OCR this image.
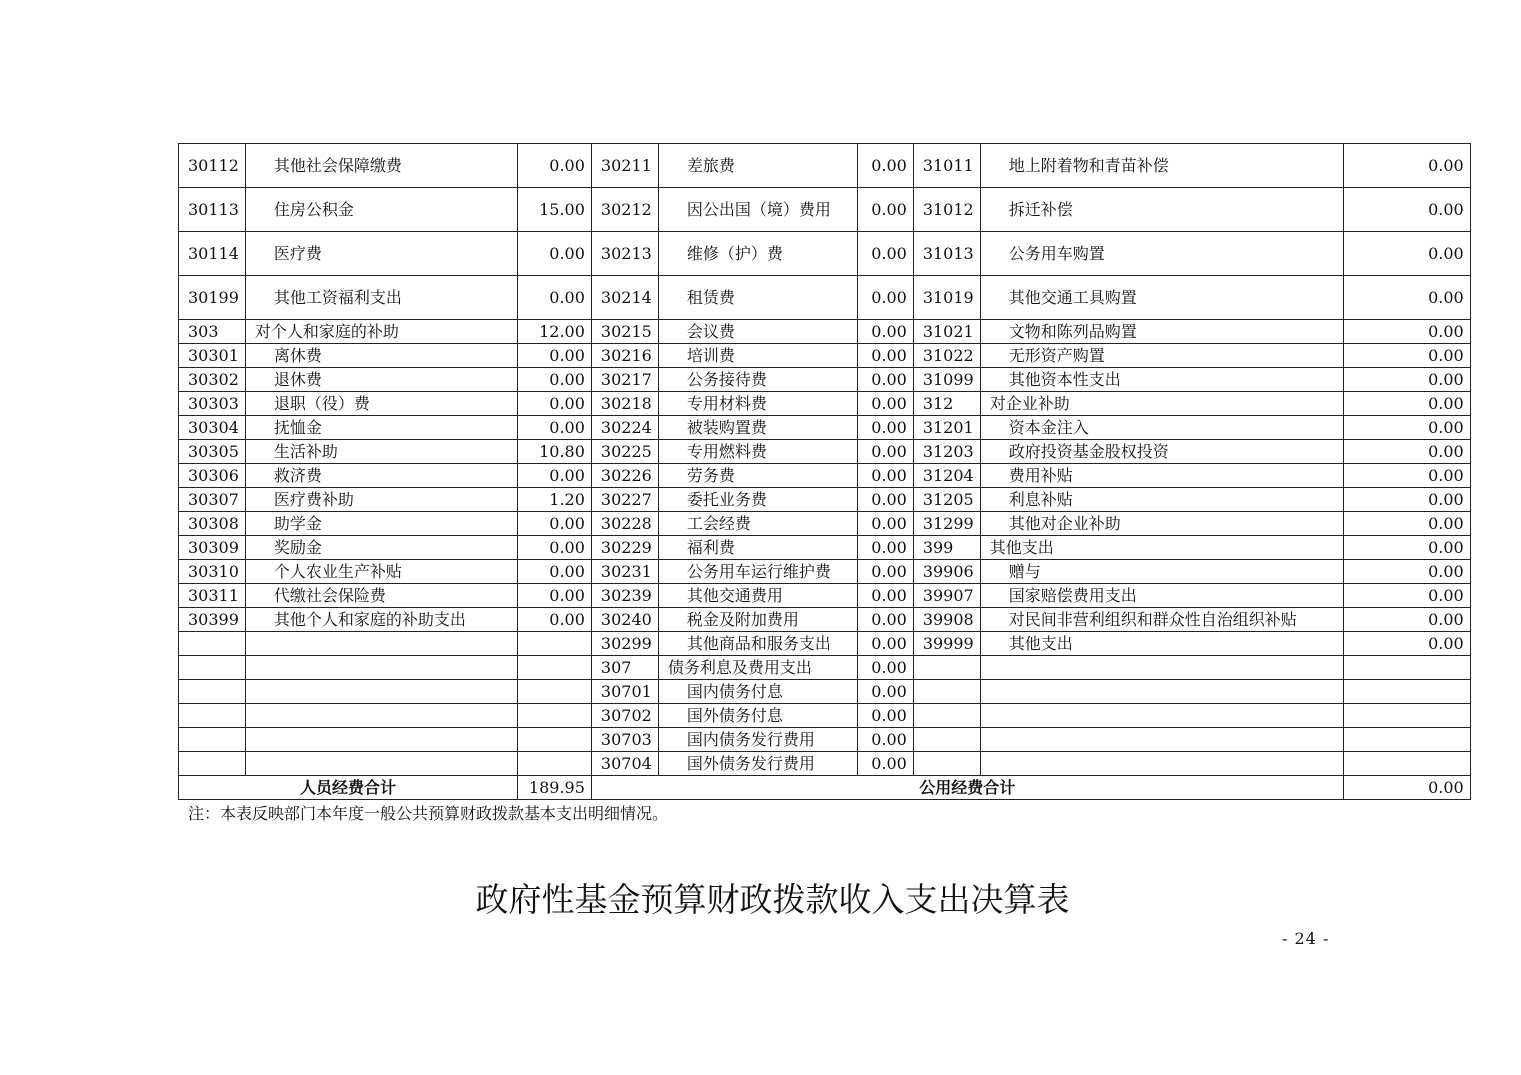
30112	其他社会保障缴费	0.00	30211	差旅费	0.00	31011	地上附着物和青苗补偿	0.00
30113	住房公积金	15.00	30212	因公出国（境）费用	0.00	31012	拆迁补偿	0.00
30114	医疗费	0.00	30213	维修（护）费	0.00	31013	公务用车购置	0.00
30199	其他工资福利支出	0.00	30214	租赁费	0.00	31019	其他交通工具购置	0.00
303	对个人和家庭的补助	12.00	30215	会议费	0.00	31021	文物和陈列品购置	0.00
30301	离休费	0.00	30216	培训费	0.00	31022	无形资产购置	0.00
30302	退休费	0.00	30217	公务接待费	0.00	31099	其他资本性支出	0.00
30303	退职（役）费	0.00	30218	专用材料费	0.00	312	对企业补助	0.00
30304	抚恤金	0.00	30224	被装购置费	0.00	31201	资本金注入	0.00
30305	生活补助	10.80	30225	专用燃料费	0.00	31203	政府投资基金股权投资	0.00
30306	救济费	0.00	30226	劳务费	0.00	31204	费用补贴	0.00
30307	医疗费补助	1.20	30227	委托业务费	0.00	31205	利息补贴	0.00
30308	助学金	0.00	30228	工会经费	0.00	31299	其他对企业补助	0.00
30309	奖励金	0.00	30229	福利费	0.00	399	其他支出	0.00
30310	个人农业生产补贴	0.00	30231	公务用车运行维护费	0.00	39906	赠与	0.00
30311	代缴社会保险费	0.00	30239	其他交通费用	0.00	39907	国家赔偿费用支出	0.00
30399	其他个人和家庭的补助支出	0.00	30240	税金及附加费用	0.00	39908	对民间非营利组织和群众性自治组织补贴	0.00
			30299	其他商品和服务支出	0.00	39999	其他支出	0.00
			307	债务利息及费用支出	0.00			
			30701	国内债务付息	0.00			
			30702	国外债务付息	0.00			
			30703	国内债务发行费用	0.00			
			30704	国外债务发行费用	0.00			
人员经费合计		189.95	公用经费合计					0.00
注：本表反映部门本年度一般公共预算财政拨款基本支出明细情况。
政府性基金预算财政拨款收入支出决算表
- 24 -
